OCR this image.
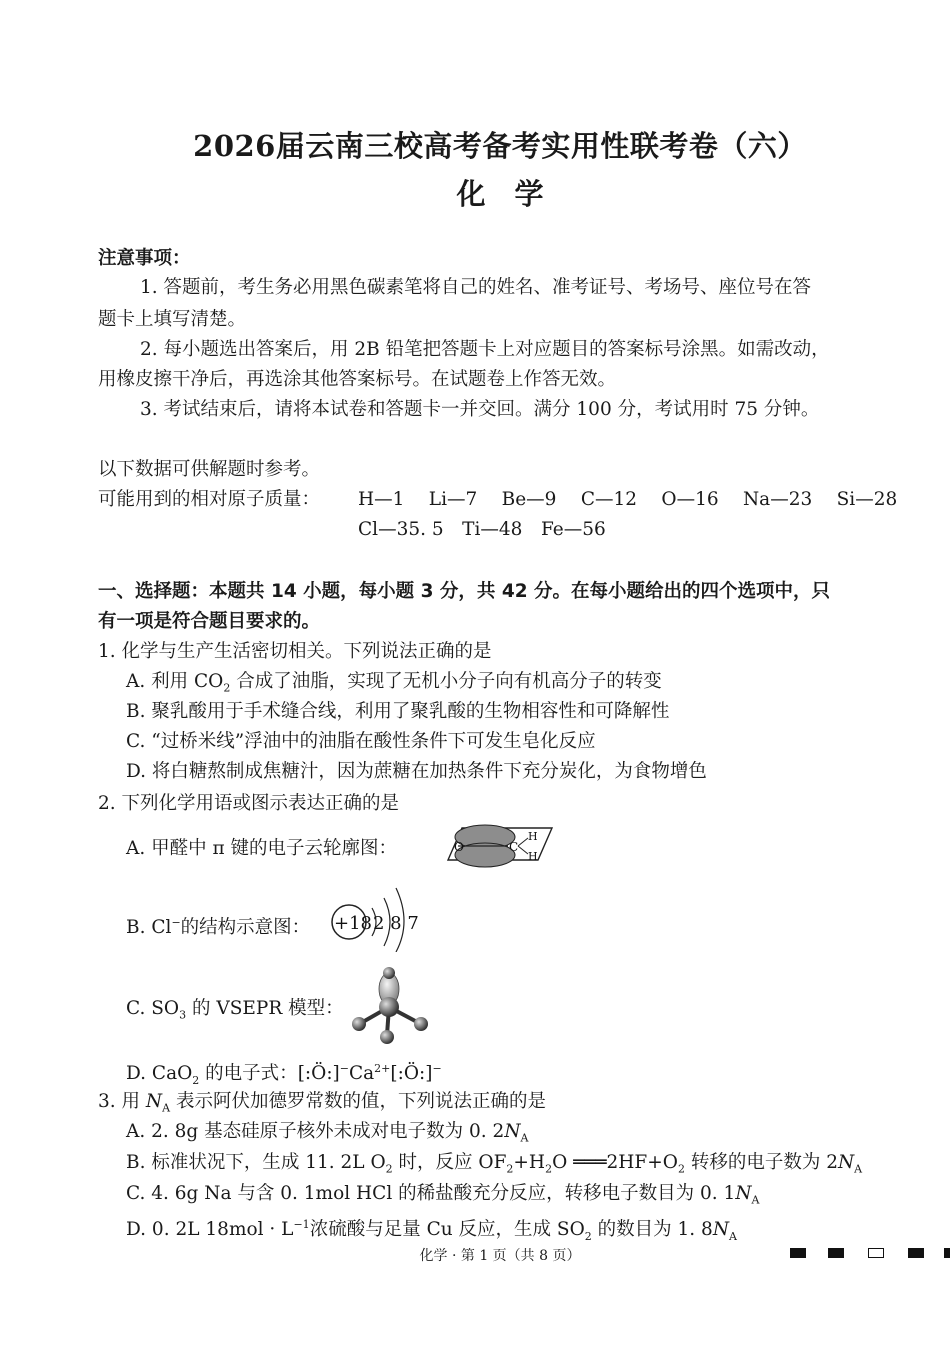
2026届云南三校高考备考实用性联考卷（六）
化　学
注意事项：
1. 答题前，考生务必用黑色碳素笔将自己的姓名、准考证号、考场号、座位号在答
题卡上填写清楚。
2. 每小题选出答案后，用 2B 铅笔把答题卡上对应题目的答案标号涂黑。如需改动，
用橡皮擦干净后，再选涂其他答案标号。在试题卷上作答无效。
3. 考试结束后，请将本试卷和答题卡一并交回。满分 100 分，考试用时 75 分钟。
以下数据可供解题时参考。
可能用到的相对原子质量： H—1　 Li—7　 Be—9　 C—12　 O—16　 Na—23　 Si—28
Cl—35. 5　Ti—48　Fe—56
一、选择题：本题共 14 小题，每小题 3 分，共 42 分。在每小题给出的四个选项中，只
有一项是符合题目要求的。
1. 化学与生产生活密切相关。下列说法正确的是
A. 利用 $CO_2$ 合成了油脂，实现了无机小分子向有机高分子的转变
B. 聚乳酸用于手术缝合线，利用了聚乳酸的生物相容性和可降解性
C. “过桥米线”浮油中的油脂在酸性条件下可发生皂化反应
D. 将白糖熬制成焦糖汁，因为蔗糖在加热条件下充分炭化，为食物增色
2. 下列化学用语或图示表达正确的是
A. 甲醛中 π 键的电子云轮廓图：	O	C
H
H
B. Cl−的结构示意图： +18 2 8 7
C. $SO_3$ 的 VSEPR 模型：
D. CaO$_2$ 的电子式：$[:Ö:]^-Ca^{2+}[:Ö:]^-$
3. 用 $N_A$ 表示阿伏加德罗常数的值，下列说法正确的是
A. 2. 8g 基态硅原子核外未成对电子数为 0. $2N_A$
B. 标准状况下，生成 11. 2L $O_2$ 时，反应 $OF_2+H_2O$ $═══2HF+O_2$ 转移的电子数为 $2N_A$
C. 4. 6g Na 与含 0. 1mol HCl 的稀盐酸充分反应，转移电子数目为 0. $1N_A$
D. 0. 2L $18mol \cdot L^{-1}$浓硫酸与足量 Cu 反应，生成 $SO_2$ 的数目为 1. $8N_A$
化学 · 第 1 页（共 8 页）
